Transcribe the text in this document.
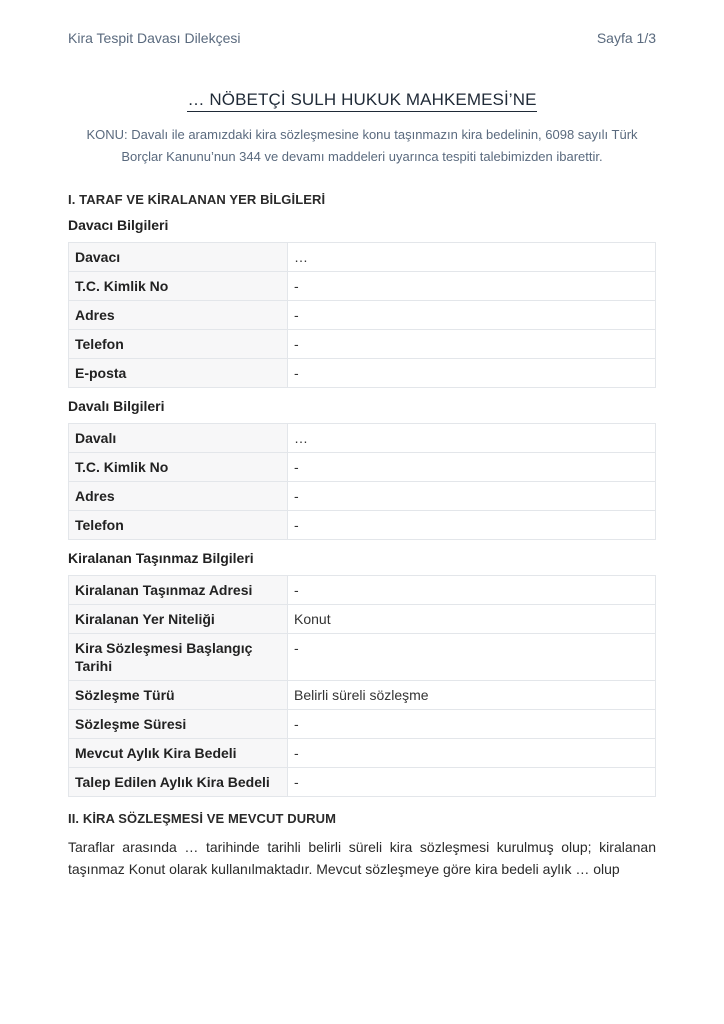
Kira Tespit Davası Dilekçesi	Sayfa 1/3
… NÖBETÇİ SULH HUKUK MAHKEMESİ’NE
KONU: Davalı ile aramızdaki kira sözleşmesine konu taşınmazın kira bedelinin, 6098 sayılı Türk Borçlar Kanunu’nun 344 ve devamı maddeleri uyarınca tespiti talebimizden ibarettir.
I. TARAF VE KİRALANAN YER BİLGİLERİ
Davacı Bilgileri
Davacı	…
T.C. Kimlik No	-
Adres	-
Telefon	-
E-posta	-
Davalı Bilgileri
Davalı	…
T.C. Kimlik No	-
Adres	-
Telefon	-
Kiralanan Taşınmaz Bilgileri
Kiralanan Taşınmaz Adresi	-
Kiralanan Yer Niteliği	Konut
Kira Sözleşmesi Başlangıç Tarihi	-
Sözleşme Türü	Belirli süreli sözleşme
Sözleşme Süresi	-
Mevcut Aylık Kira Bedeli	-
Talep Edilen Aylık Kira Bedeli	-
II. KİRA SÖZLEŞMESİ VE MEVCUT DURUM
Taraflar arasında … tarihinde tarihli belirli süreli kira sözleşmesi kurulmuş olup; kiralanan taşınmaz Konut olarak kullanılmaktadır. Mevcut sözleşmeye göre kira bedeli aylık … olup
